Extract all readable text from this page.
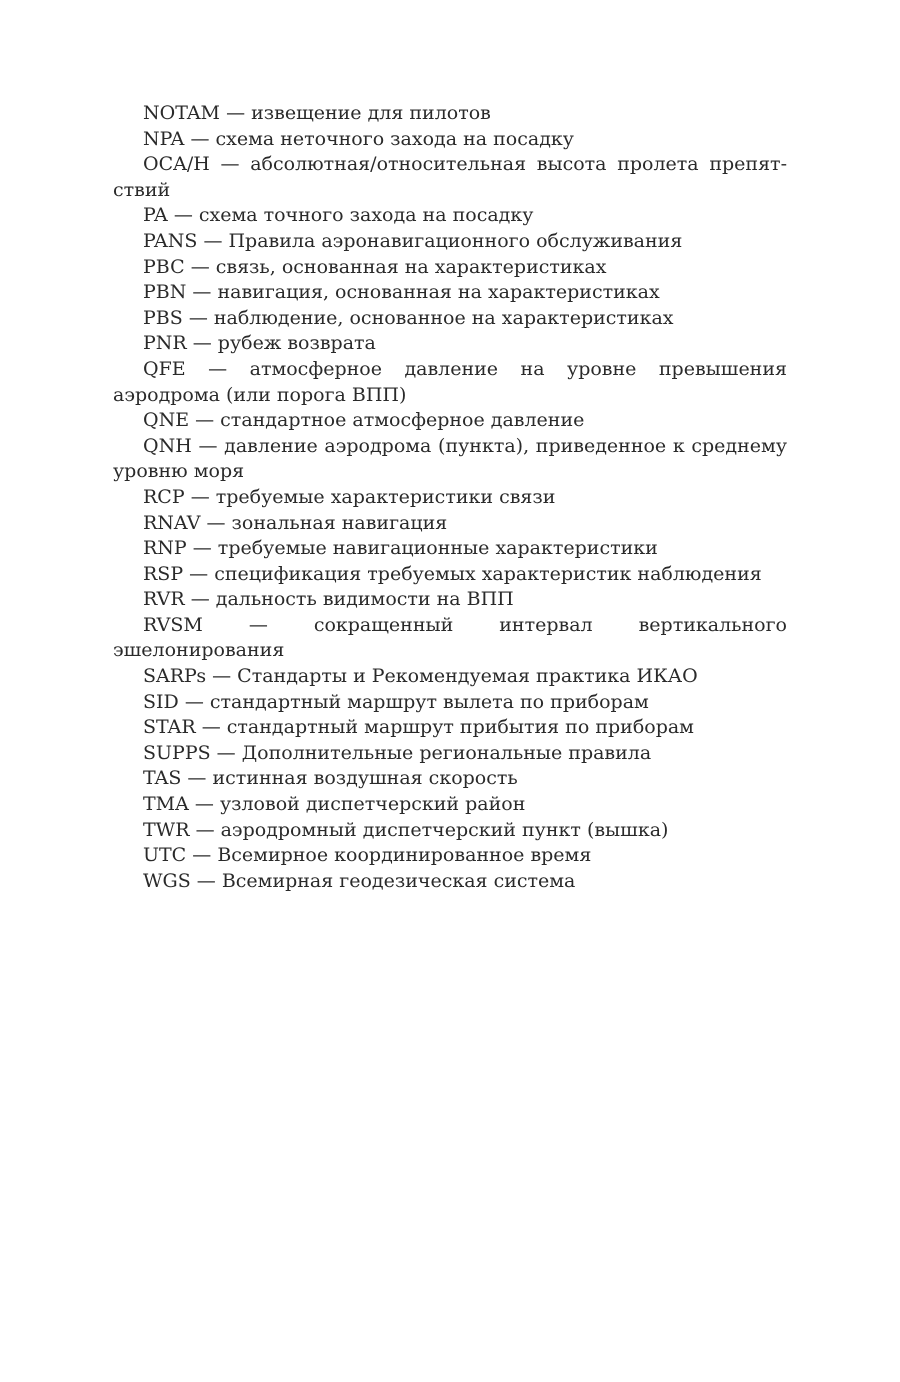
NOTAM — извещение для пилотов

NPA — схема неточного захода на посадку

OCA/H — абсолютная/относительная высота пролета препятствий

PA — схема точного захода на посадку

PANS — Правила аэронавигационного обслуживания

PBC — связь, основанная на характеристиках

PBN — навигация, основанная на характеристиках

PBS — наблюдение, основанное на характеристиках

PNR — рубеж возврата

QFE — атмосферное давление на уровне превышения аэродрома (или порога ВПП)

QNE — стандартное атмосферное давление

QNH — давление аэродрома (пункта), приведенное к среднему уровню моря

RCP — требуемые характеристики связи

RNAV — зональная навигация

RNP — требуемые навигационные характеристики

RSP — спецификация требуемых характеристик наблюдения

RVR — дальность видимости на ВПП

RVSM — сокращенный интервал вертикального эшелонирования

SARPs — Стандарты и Рекомендуемая практика ИКАО

SID — стандартный маршрут вылета по приборам

STAR — стандартный маршрут прибытия по приборам

SUPPS — Дополнительные региональные правила

TAS — истинная воздушная скорость

TMA — узловой диспетчерский район

TWR — аэродромный диспетчерский пункт (вышка)

UTC — Всемирное координированное время

WGS — Всемирная геодезическая система
